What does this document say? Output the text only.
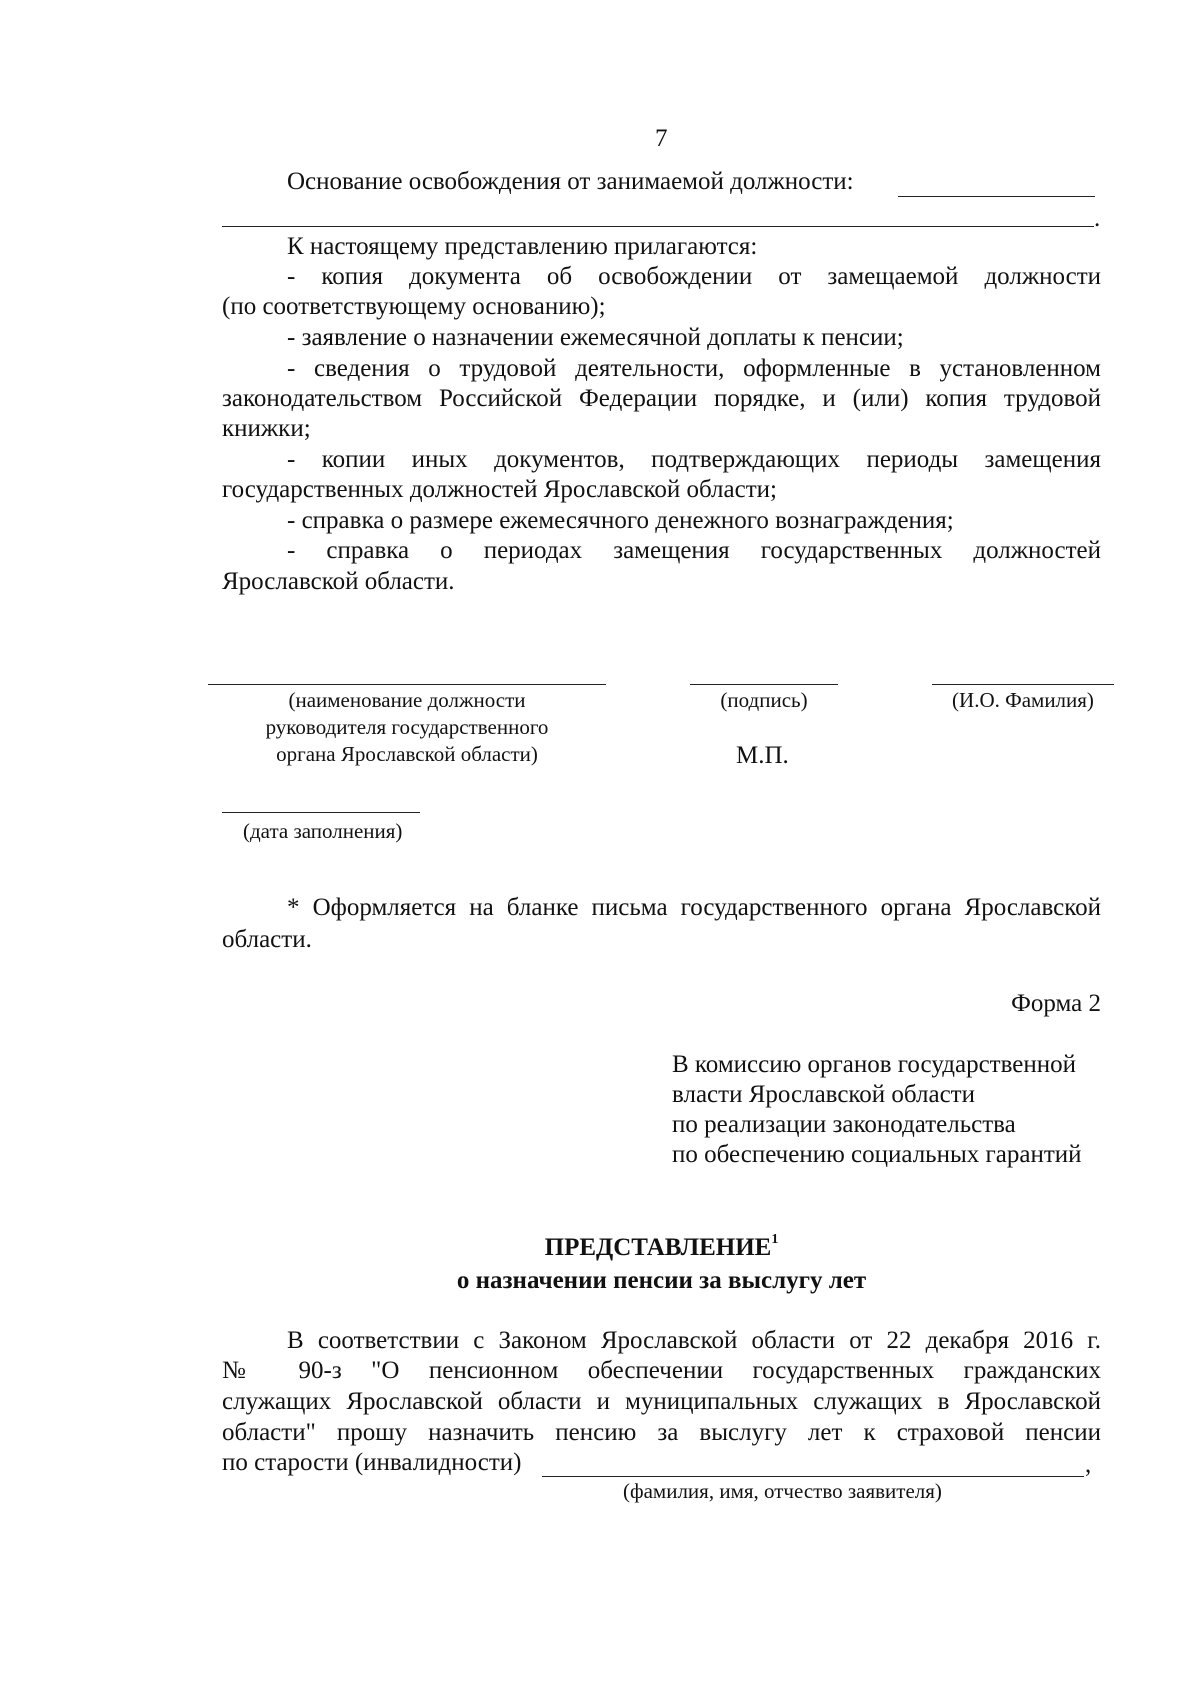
7
Основание освобождения от занимаемой должности:
.
К настоящему представлению прилагаются:
- копия документа об освобождении от замещаемой должности
(по соответствующему основанию);
- заявление о назначении ежемесячной доплаты к пенсии;
- сведения о трудовой деятельности, оформленные в установленном
законодательством Российской Федерации порядке, и (или) копия трудовой
книжки;
- копии иных документов, подтверждающих периоды замещения
государственных должностей Ярославской области;
- справка о размере ежемесячного денежного вознаграждения;
- справка о периодах замещения государственных должностей
Ярославской области.
(наименование должности
руководителя государственного
органа Ярославской области)
(подпись)	(И.О. Фамилия)
М.П.
(дата заполнения)
* Оформляется на бланке письма государственного органа Ярославской
области.
Форма 2
В комиссию органов государственной
власти Ярославской области
по реализации законодательства
по обеспечению социальных гарантий
ПРЕДСТАВЛЕНИЕ$^1$
о назначении пенсии за выслугу лет
В соответствии с Законом Ярославской области от 22 декабря 2016 г.
№ 90-з "О пенсионном обеспечении государственных гражданских
служащих Ярославской области и муниципальных служащих в Ярославской
области" прошу назначить пенсию за выслугу лет к страховой пенсии
по старости (инвалидности)	,
(фамилия, имя, отчество заявителя)
